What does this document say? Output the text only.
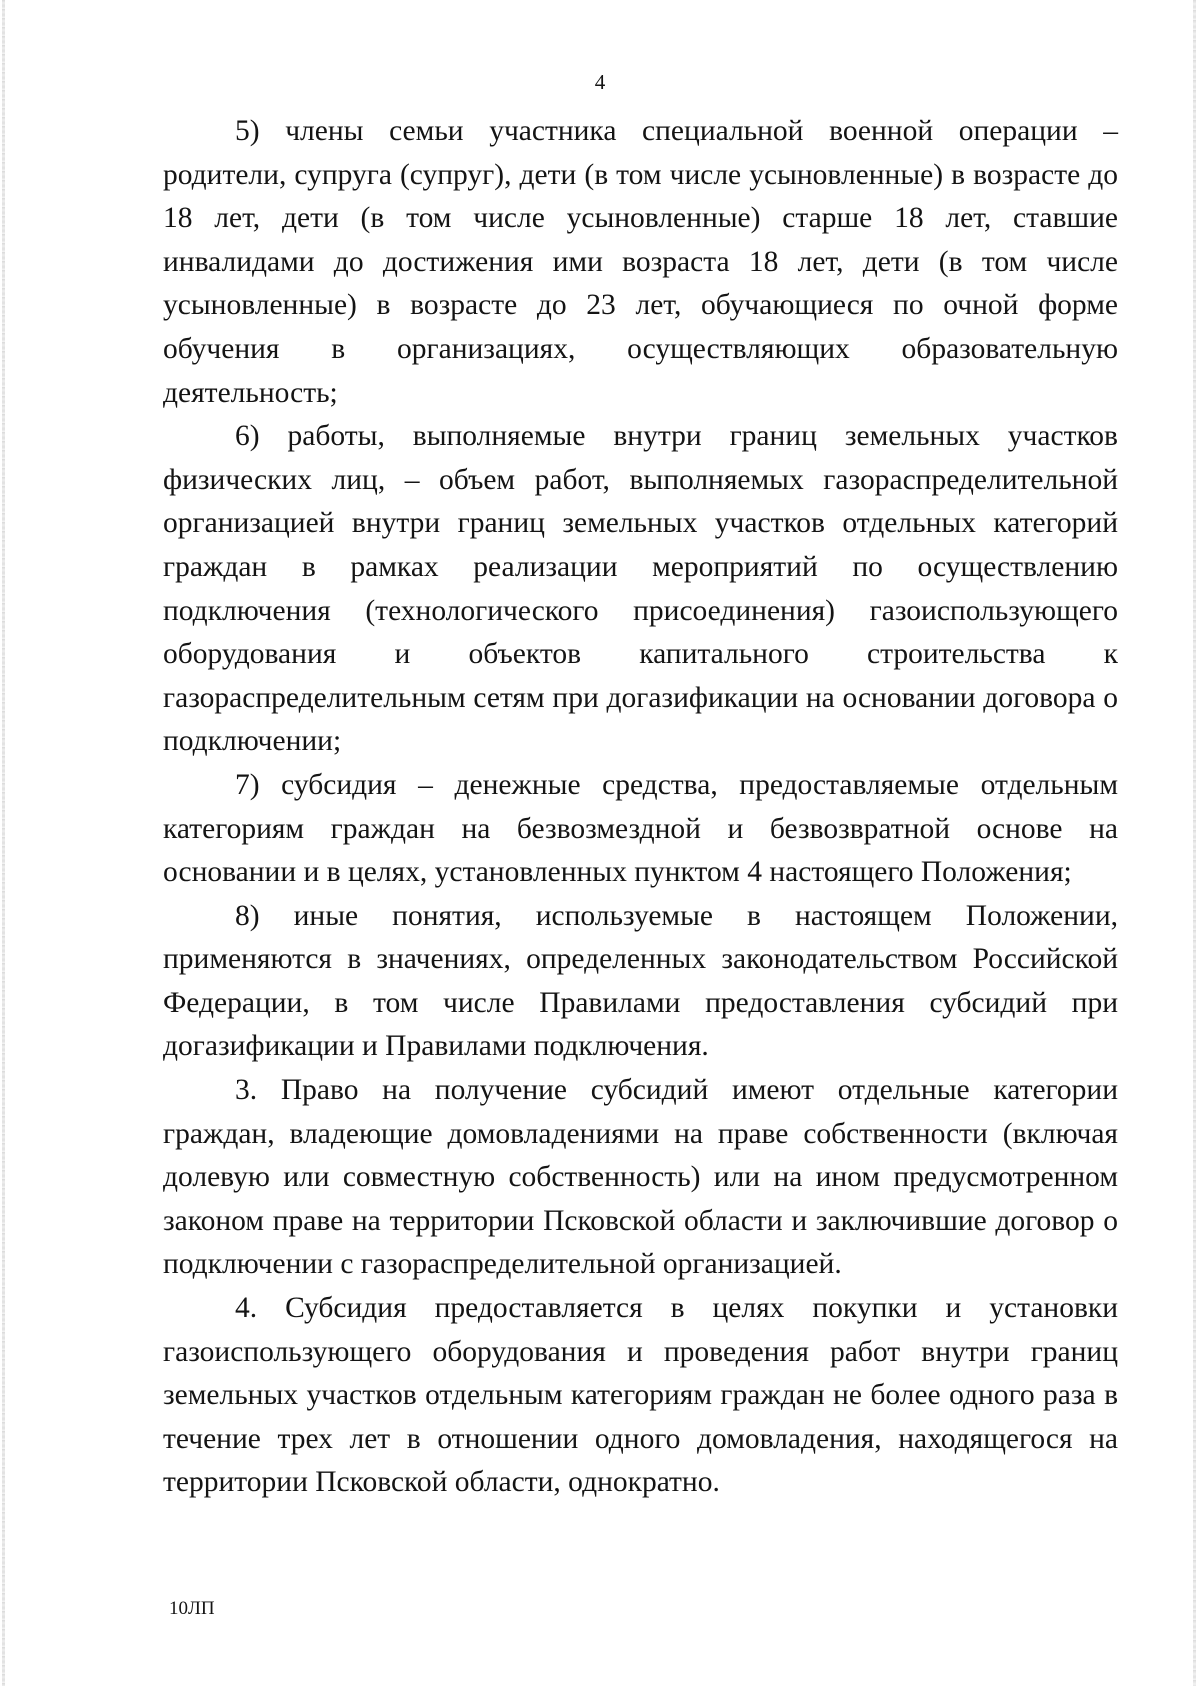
4

5) члены семьи участника специальной военной операции – родители, супруга (супруг), дети (в том числе усыновленные) в возрасте до 18 лет, дети (в том числе усыновленные) старше 18 лет, ставшие инвалидами до достижения ими возраста 18 лет, дети (в том числе усыновленные) в возрасте до 23 лет, обучающиеся по очной форме обучения в организациях, осуществляющих образовательную деятельность;

6) работы, выполняемые внутри границ земельных участков физических лиц, – объем работ, выполняемых газораспределительной организацией внутри границ земельных участков отдельных категорий граждан в рамках реализации мероприятий по осуществлению подключения (технологического присоединения) газоиспользующего оборудования и объектов капитального строительства к газораспределительным сетям при догазификации на основании договора о подключении;

7) субсидия – денежные средства, предоставляемые отдельным категориям граждан на безвозмездной и безвозвратной основе на основании и в целях, установленных пунктом 4 настоящего Положения;

8) иные понятия, используемые в настоящем Положении, применяются в значениях, определенных законодательством Российской Федерации, в том числе Правилами предоставления субсидий при догазификации и Правилами подключения.

3. Право на получение субсидий имеют отдельные категории граждан, владеющие домовладениями на праве собственности (включая долевую или совместную собственность) или на ином предусмотренном законом праве на территории Псковской области и заключившие договор о подключении с газораспределительной организацией.

4. Субсидия предоставляется в целях покупки и установки газоиспользующего оборудования и проведения работ внутри границ земельных участков отдельным категориям граждан не более одного раза в течение трех лет в отношении одного домовладения, находящегося на территории Псковской области, однократно.

10ЛП
